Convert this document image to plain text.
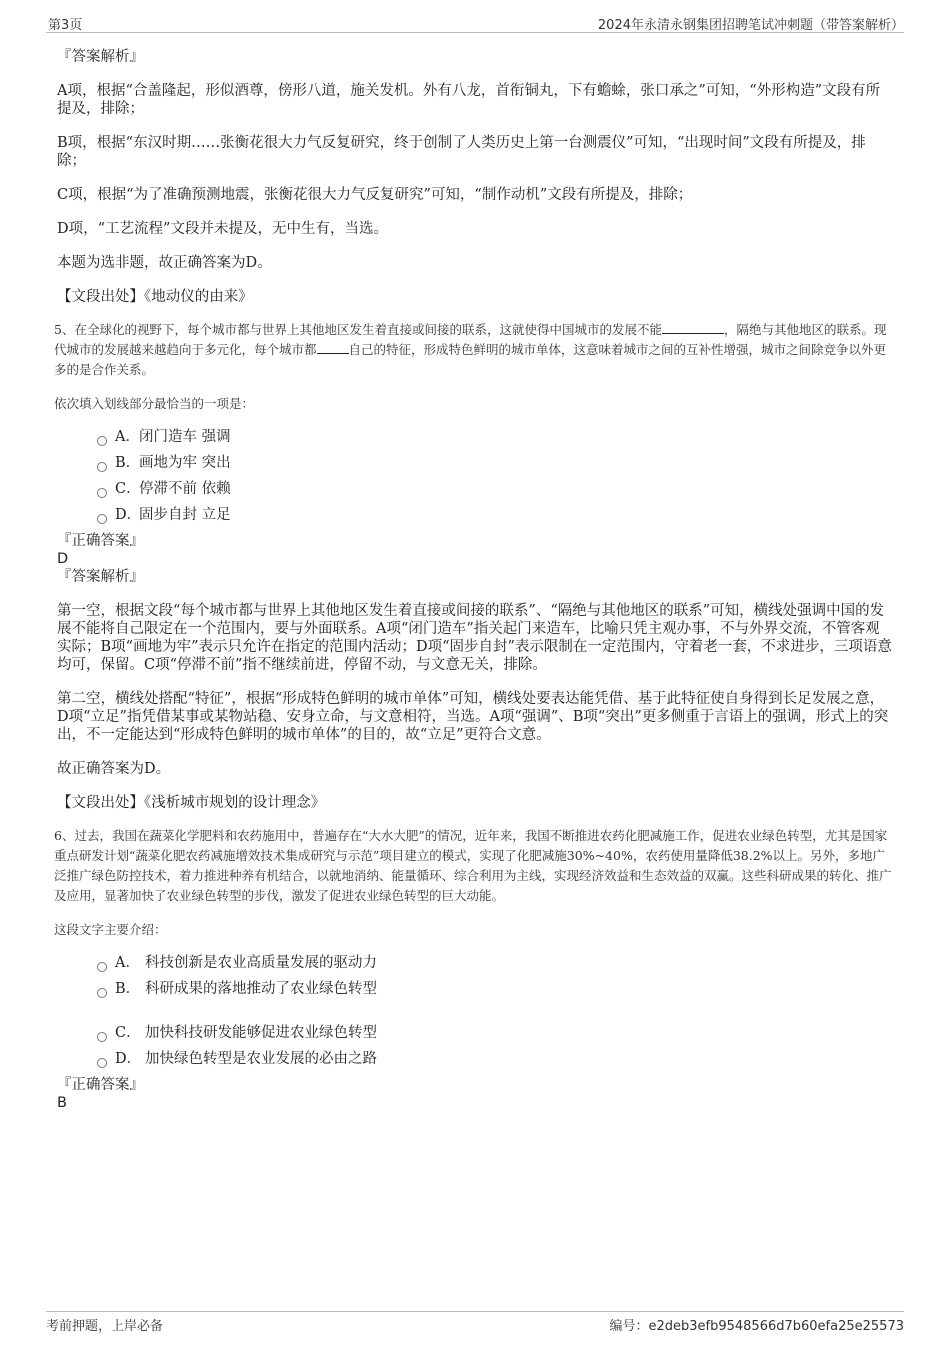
第3页	2024年永清永钢集团招聘笔试冲刺题（带答案解析）

『答案解析』

A项，根据“合盖隆起，形似酒尊，傍形八道，施关发机。外有八龙，首衔铜丸，下有蟾蜍，张口承之”可知，“外形构造”文段有所提及，排除；

B项，根据“东汉时期……张衡花很大力气反复研究，终于创制了人类历史上第一台测震仪”可知，“出现时间”文段有所提及，排除；

C项，根据“为了准确预测地震，张衡花很大力气反复研究”可知，“制作动机”文段有所提及，排除；

D项，“工艺流程”文段并未提及，无中生有，当选。

本题为选非题，故正确答案为D。

【文段出处】《地动仪的由来》

5、在全球化的视野下，每个城市都与世界上其他地区发生着直接或间接的联系，这就使得中国城市的发展不能	，隔绝与其他地区的联系。现代城市的发展越来越趋向于多元化，每个城市都	自己的特征，形成特色鲜明的城市单体，这意味着城市之间的互补性增强，城市之间除竞争以外更多的是合作关系。

依次填入划线部分最恰当的一项是：

A． 闭门造车 强调
B．
画地为牢 突出
C．
停滞不前 依赖
D．
固步自封 立足

『正确答案』

D

『答案解析』

第一空，根据文段“每个城市都与世界上其他地区发生着直接或间接的联系”、“隔绝与其他地区的联系”可知，横线处强调中国的发展不能将自己限定在一个范围内，要与外面联系。A项“闭门造车”指关起门来造车，比喻只凭主观办事，不与外界交流，不管客观实际；B项“画地为牢”表示只允许在指定的范围内活动；D项“固步自封”表示限制在一定范围内，守着老一套，不求进步，三项语意均可，保留。C项“停滞不前”指不继续前进，停留不动，与文意无关，排除。

第二空，横线处搭配“特征”，根据“形成特色鲜明的城市单体”可知，横线处要表达能凭借、基于此特征使自身得到长足发展之意，D项“立足”指凭借某事或某物站稳、安身立命，与文意相符，当选。A项“强调”、B项“突出”更多侧重于言语上的强调，形式上的突出，不一定能达到“形成特色鲜明的城市单体”的目的，故“立足”更符合文意。

故正确答案为D。

【文段出处】《浅析城市规划的设计理念》

6、过去，我国在蔬菜化学肥料和农药施用中，普遍存在“大水大肥”的情况，近年来，我国不断推进农药化肥减施工作，促进农业绿色转型，尤其是国家重点研发计划“蔬菜化肥农药减施增效技术集成研究与示范”项目建立的模式，实现了化肥减施30%~40%，农药使用量降低38.2%以上。另外，多地广泛推广绿色防控技术，着力推进种养有机结合，以就地消纳、能量循环、综合利用为主线，实现经济效益和生态效益的双赢。这些科研成果的转化、推广及应用，显著加快了农业绿色转型的步伐，激发了促进农业绿色转型的巨大动能。

这段文字主要介绍：

A． 科技创新是农业高质量发展的驱动力
B． 科研成果的落地推动了农业绿色转型
C． 加快科技研发能够促进农业绿色转型
D． 加快绿色转型是农业发展的必由之路

『正确答案』

B

考前押题，上岸必备	编号：e2deb3efb9548566d7b60efa25e25573
